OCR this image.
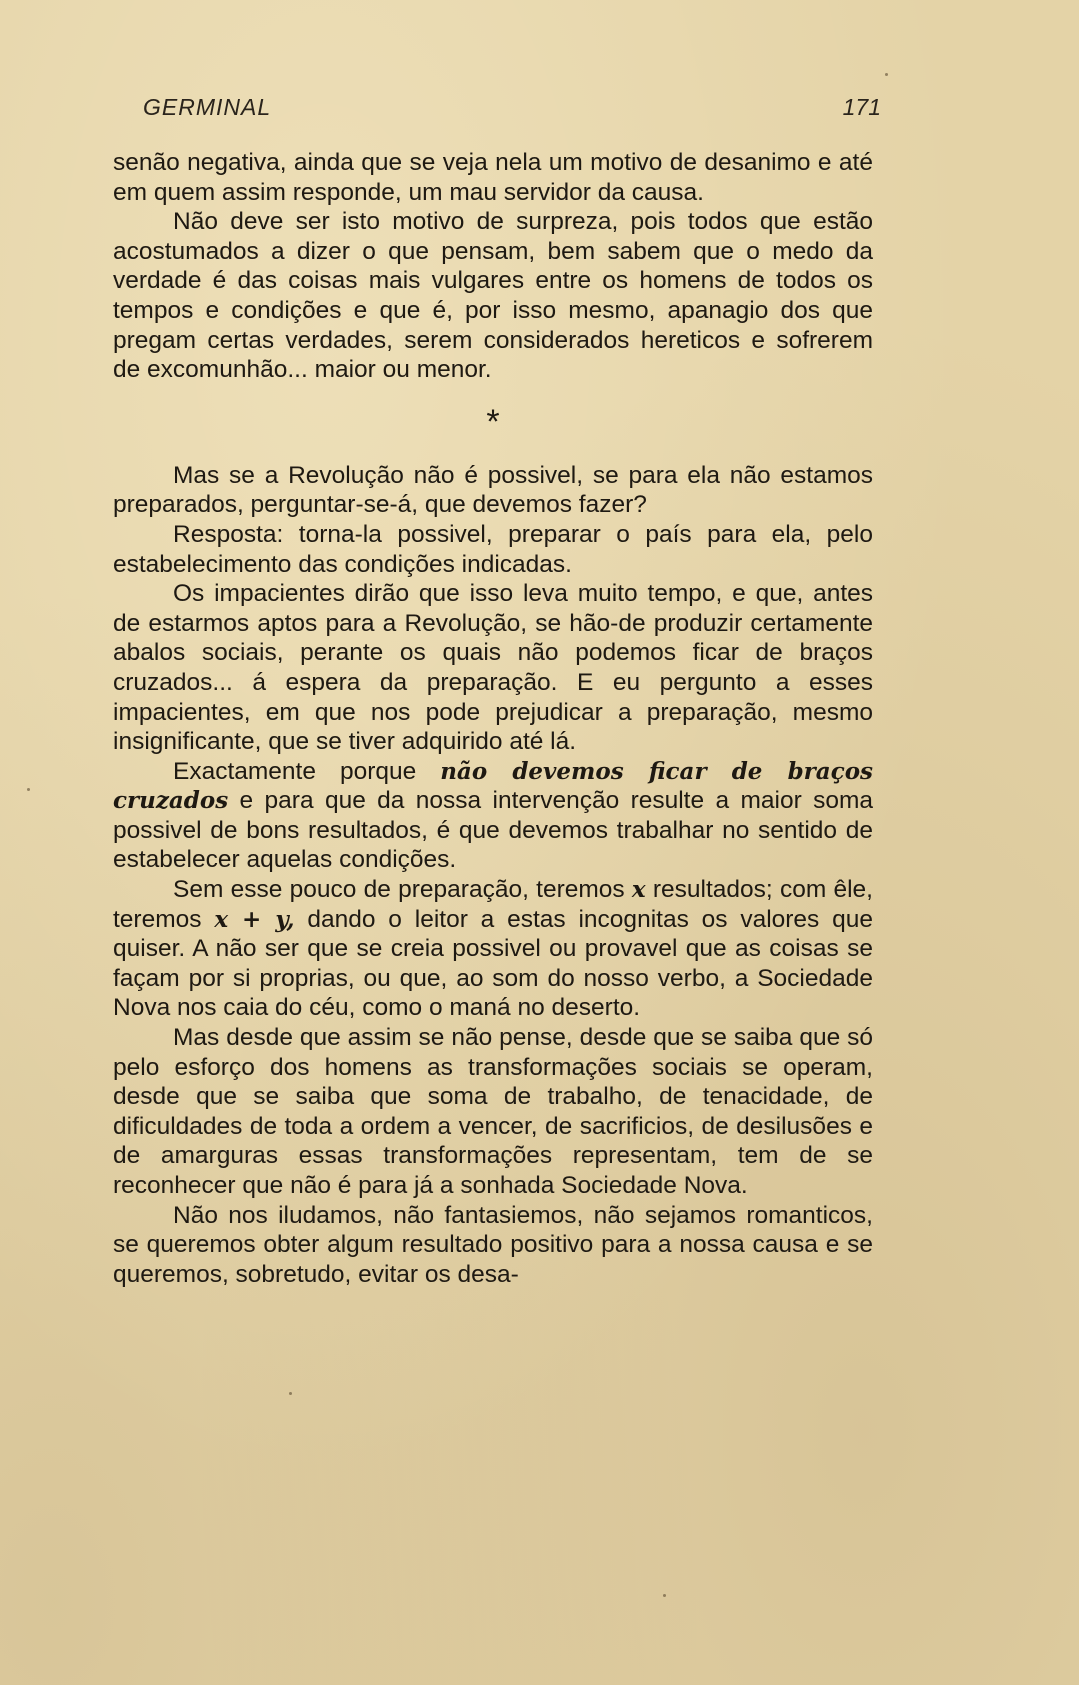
GERMINAL	171

senão negativa, ainda que se veja nela um motivo de desanimo e até em quem assim responde, um mau servidor da causa.

Não deve ser isto motivo de surpreza, pois todos que estão acostumados a dizer o que pensam, bem sabem que o medo da verdade é das coisas mais vulgares entre os homens de todos os tempos e condições e que é, por isso mesmo, apanagio dos que pregam certas verdades, serem considerados hereticos e sofrerem de excomunhão... maior ou menor.

*

Mas se a Revolução não é possivel, se para ela não estamos preparados, perguntar-se-á, que devemos fazer?

Resposta: torna-la possivel, preparar o país para ela, pelo estabelecimento das condições indicadas.

Os impacientes dirão que isso leva muito tempo, e que, antes de estarmos aptos para a Revolução, se hão-de produzir certamente abalos sociais, perante os quais não podemos ficar de braços cruzados... á espera da preparação. E eu pergunto a esses impacientes, em que nos pode prejudicar a preparação, mesmo insignificante, que se tiver adquirido até lá.

Exactamente porque não devemos ficar de braços cruzados e para que da nossa intervenção resulte a maior soma possivel de bons resultados, é que devemos trabalhar no sentido de estabelecer aquelas condições.

Sem esse pouco de preparação, teremos x resultados; com êle, teremos x + y, dando o leitor a estas incognitas os valores que quiser. A não ser que se creia possivel ou provavel que as coisas se façam por si proprias, ou que, ao som do nosso verbo, a Sociedade Nova nos caia do céu, como o maná no deserto.

Mas desde que assim se não pense, desde que se saiba que só pelo esforço dos homens as transformações sociais se operam, desde que se saiba que soma de trabalho, de tenacidade, de dificuldades de toda a ordem a vencer, de sacrificios, de desilusões e de amarguras essas transformações representam, tem de se reconhecer que não é para já a sonhada Sociedade Nova.

Não nos iludamos, não fantasiemos, não sejamos romanticos, se queremos obter algum resultado positivo para a nossa causa e se queremos, sobretudo, evitar os desa-
